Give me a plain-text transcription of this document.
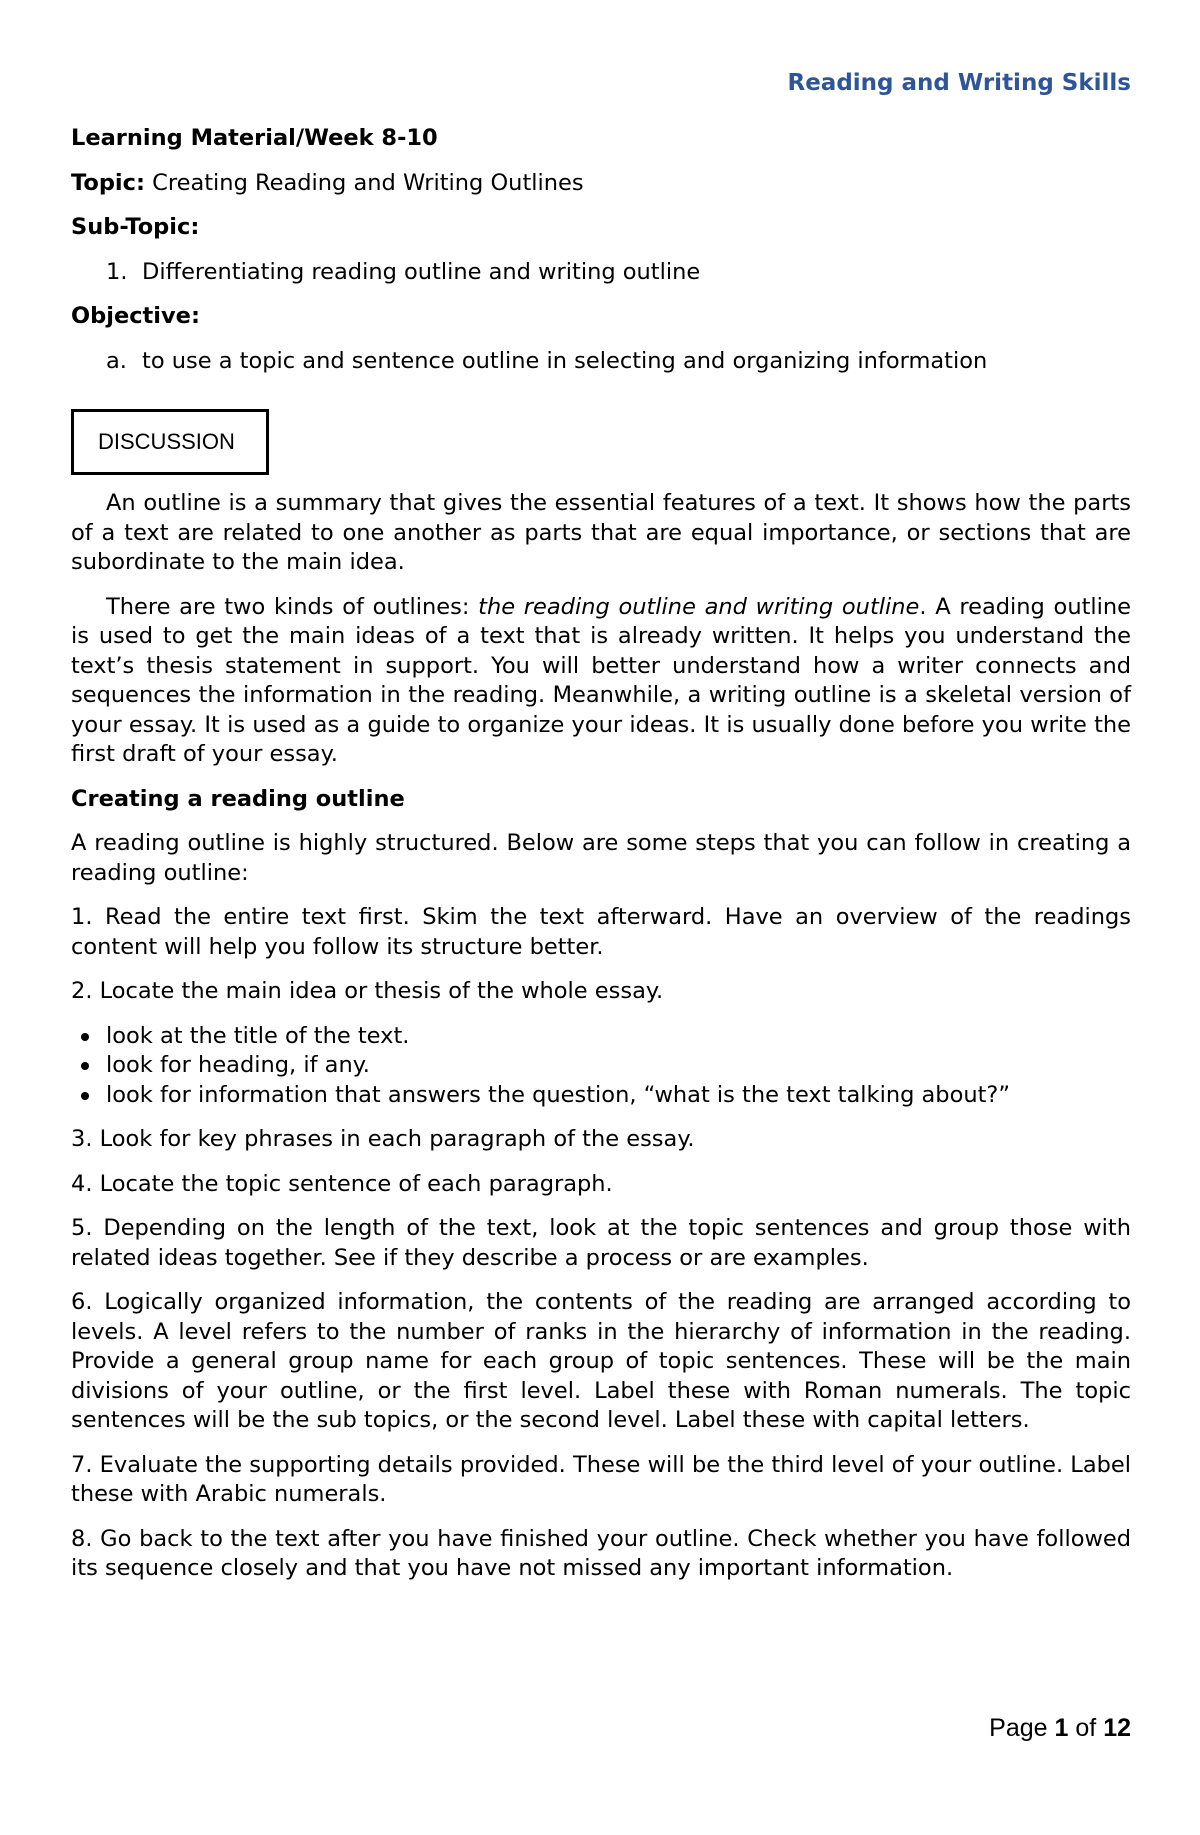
Reading and Writing Skills

Learning Material/Week 8-10

Topic: Creating Reading and Writing Outlines

Sub-Topic:

1. Differentiating reading outline and writing outline

Objective:

a. to use a topic and sentence outline in selecting and organizing information

DISCUSSION

An outline is a summary that gives the essential features of a text. It shows how the parts of a text are related to one another as parts that are equal importance, or sections that are subordinate to the main idea.

There are two kinds of outlines: the reading outline and writing outline. A reading outline is used to get the main ideas of a text that is already written. It helps you understand the text’s thesis statement in support. You will better understand how a writer connects and sequences the information in the reading. Meanwhile, a writing outline is a skeletal version of your essay. It is used as a guide to organize your ideas. It is usually done before you write the first draft of your essay.

Creating a reading outline

A reading outline is highly structured. Below are some steps that you can follow in creating a reading outline:

1. Read the entire text first. Skim the text afterward. Have an overview of the readings content will help you follow its structure better.

2. Locate the main idea or thesis of the whole essay.

look at the title of the text.
look for heading, if any.
look for information that answers the question, “what is the text talking about?”

3. Look for key phrases in each paragraph of the essay.

4. Locate the topic sentence of each paragraph.

5. Depending on the length of the text, look at the topic sentences and group those with related ideas together. See if they describe a process or are examples.

6. Logically organized information, the contents of the reading are arranged according to levels. A level refers to the number of ranks in the hierarchy of information in the reading. Provide a general group name for each group of topic sentences. These will be the main divisions of your outline, or the first level. Label these with Roman numerals. The topic sentences will be the sub topics, or the second level. Label these with capital letters.

7. Evaluate the supporting details provided. These will be the third level of your outline. Label these with Arabic numerals.

8. Go back to the text after you have finished your outline. Check whether you have followed its sequence closely and that you have not missed any important information.

Page 1 of 12
